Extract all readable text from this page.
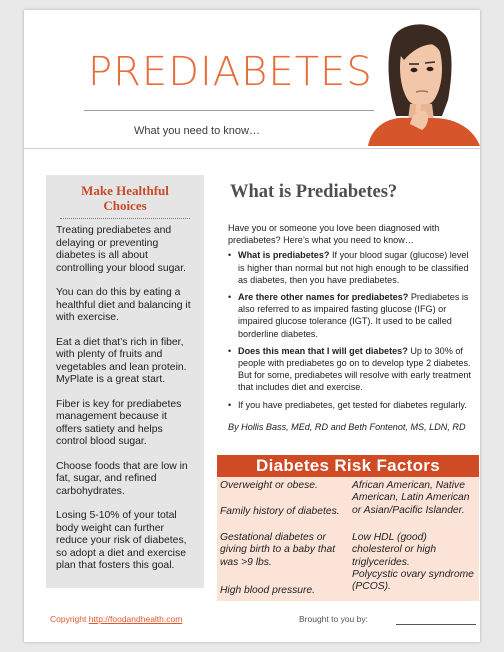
PREDIABETES
What you need to know…
Make Healthful Choices

Treating prediabetes and delaying or preventing diabetes is all about controlling your blood sugar.

You can do this by eating a healthful diet and balancing it with exercise.

Eat a diet that’s rich in fiber, with plenty of fruits and vegetables and lean protein. MyPlate is a great start.

Fiber is key for prediabetes management because it offers satiety and helps control blood sugar.

Choose foods that are low in fat, sugar, and refined carbohydrates.

Losing 5-10% of your total body weight can further reduce your risk of diabetes, so adopt a diet and exercise plan that fosters this goal.

What is Prediabetes?

Have you or someone you love been diagnosed with prediabetes? Here’s what you need to know…

• What is prediabetes? If your blood sugar (glucose) level is higher than normal but not high enough to be classified as diabetes, then you have prediabetes.
• Are there other names for prediabetes? Prediabetes is also referred to as impaired fasting glucose (IFG) or impaired glucose tolerance (IGT). It used to be called borderline diabetes.
• Does this mean that I will get diabetes? Up to 30% of people with prediabetes go on to develop type 2 diabetes. But for some, prediabetes will resolve with early treatment that includes diet and exercise.
• If you have prediabetes, get tested for diabetes regularly.
By Hollis Bass, MEd, RD and Beth Fontenot, MS, LDN, RD
Diabetes Risk Factors
Overweight or obese.
Family history of diabetes.
Gestational diabetes or giving birth to a baby that was >9 lbs.
High blood pressure.
African American, Native American, Latin American or Asian/Pacific Islander.
Low HDL (good) cholesterol or high triglycerides.
Polycystic ovary syndrome (PCOS).
Copyright http://foodandhealth.com	Brought to you by:
